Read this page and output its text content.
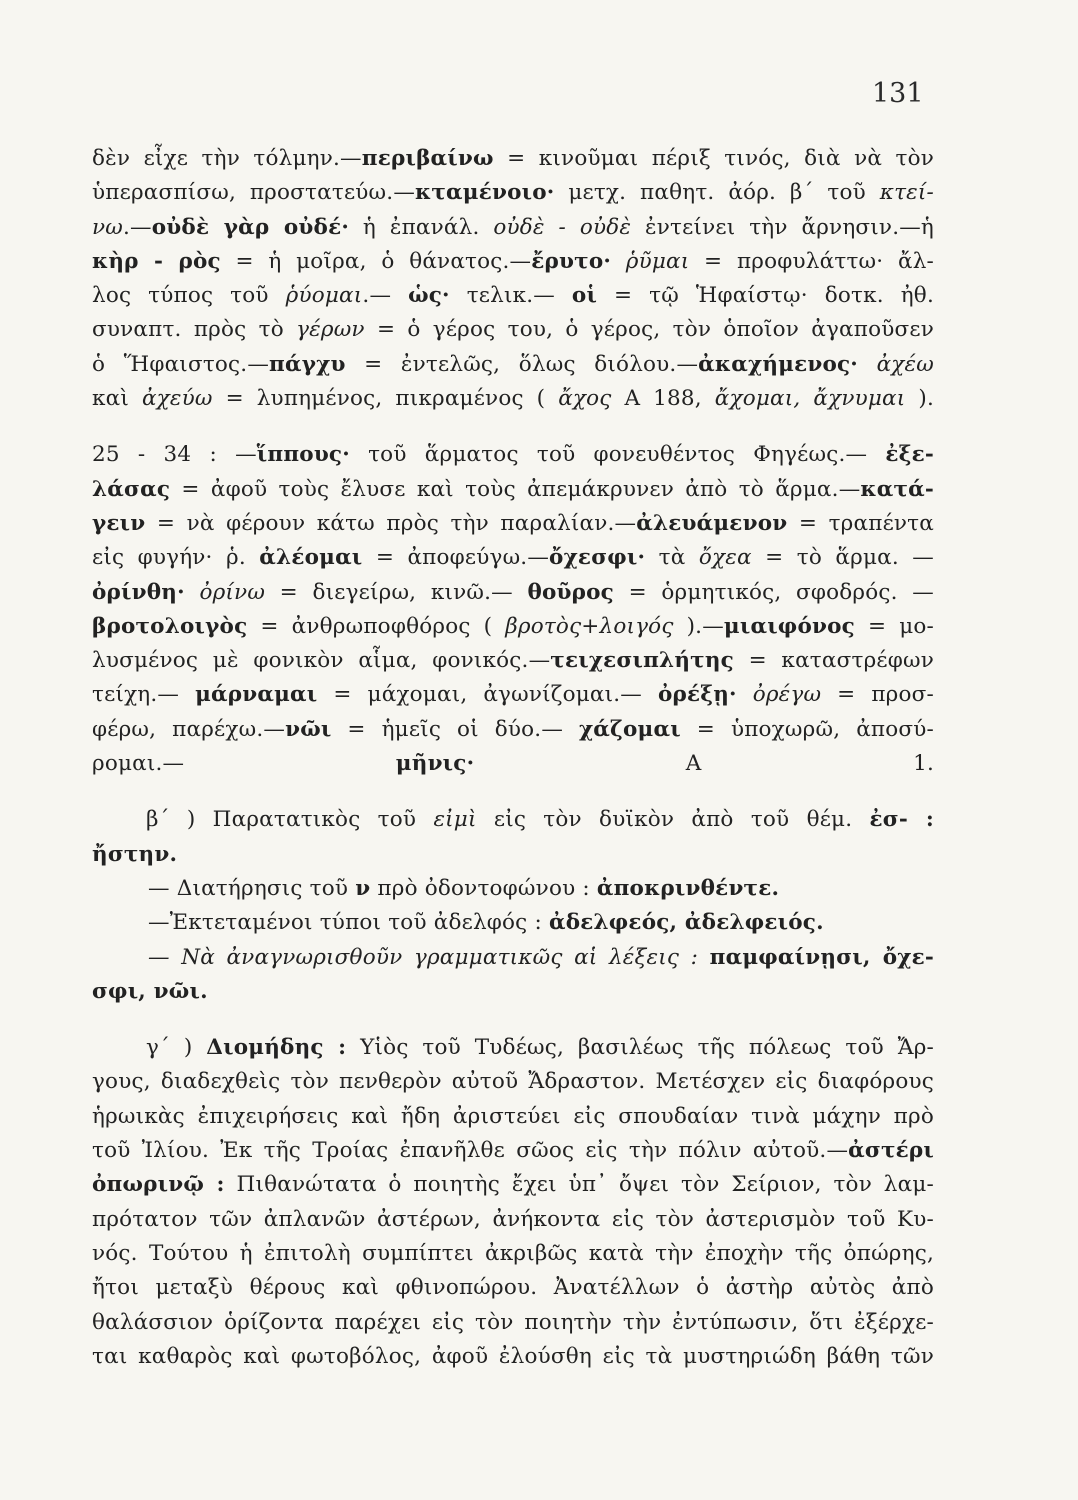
131
δὲν εἶχε τὴν τόλμην.—περιβαίνω = κινοῦμαι πέριξ τινός, διὰ νὰ τὸν
ὑπερασπίσω, προστατεύω.—κταμένοιο· μετχ. παθητ. ἀόρ. β΄ τοῦ κτεί-
νω.—οὐδὲ γὰρ οὐδέ· ἡ ἐπανάλ. οὐδὲ - οὐδὲ ἐντείνει τὴν ἄρνησιν.—ἡ
κὴρ - ρὸς = ἡ μοῖρα, ὁ θάνατος.—ἔρυτο· ῥῦμαι = προφυλάττω· ἄλ-
λος τύπος τοῦ ῥύομαι.— ὡς· τελικ.— οἱ = τῷ Ἡφαίστῳ· δοτκ. ἠθ.
συναπτ. πρὸς τὸ γέρων = ὁ γέρος του, ὁ γέρος, τὸν ὁποῖον ἀγαποῦσεν
ὁ Ἥφαιστος.—πάγχυ = ἐντελῶς, ὅλως διόλου.—ἀκαχήμενος· ἀχέω
καὶ ἀχεύω = λυπημένος, πικραμένος ( ἄχος Α 188, ἄχομαι, ἄχνυμαι ).
25 - 34 : —ἵππους· τοῦ ἅρματος τοῦ φονευθέντος Φηγέως.— ἐξε-
λάσας = ἀφοῦ τοὺς ἔλυσε καὶ τοὺς ἀπεμάκρυνεν ἀπὸ τὸ ἅρμα.—κατά-
γειν = νὰ φέρουν κάτω πρὸς τὴν παραλίαν.—ἀλευάμενον = τραπέντα
εἰς φυγήν· ῥ. ἀλέομαι = ἀποφεύγω.—ὄχεσφι· τὰ ὄχεα = τὸ ἅρμα. —
ὀρίνθη· ὀρίνω = διεγείρω, κινῶ.— θοῦρος = ὁρμητικός, σφοδρός. —
βροτολοιγὸς = ἀνθρωποφθόρος ( βροτὸς+λοιγός ).—μιαιφόνος = μο-
λυσμένος μὲ φονικὸν αἷμα, φονικός.—τειχεσιπλήτης = καταστρέφων
τείχη.— μάρναμαι = μάχομαι, ἀγωνίζομαι.— ὀρέξῃ· ὀρέγω = προσ-
φέρω, παρέχω.—νῶι = ἡμεῖς οἱ δύο.— χάζομαι = ὑποχωρῶ, ἀποσύ-
ρομαι.— μῆνις· Α 1.
β΄ ) Παρατατικὸς τοῦ εἰμὶ εἰς τὸν δυϊκὸν ἀπὸ τοῦ θέμ. ἐσ- :
ἤστην.
— Διατήρησις τοῦ ν πρὸ ὀδοντοφώνου : ἀποκρινθέντε.
—Ἐκτεταμένοι τύποι τοῦ ἀδελφός : ἀδελφεός, ἀδελφειός.
— Νὰ ἀναγνωρισθοῦν γραμματικῶς αἱ λέξεις : παμφαίνῃσι, ὄχε-
σφι, νῶι.
γ΄ ) Διομήδης : Υἱὸς τοῦ Τυδέως, βασιλέως τῆς πόλεως τοῦ Ἄρ-
γους, διαδεχθεὶς τὸν πενθερὸν αὐτοῦ Ἄδραστον. Μετέσχεν εἰς διαφόρους
ἡρωικὰς ἐπιχειρήσεις καὶ ἤδη ἀριστεύει εἰς σπουδαίαν τινὰ μάχην πρὸ
τοῦ Ἰλίου. Ἐκ τῆς Τροίας ἐπανῆλθε σῶος εἰς τὴν πόλιν αὐτοῦ.—ἀστέρι
ὀπωρινῷ : Πιθανώτατα ὁ ποιητὴς ἔχει ὑπ᾿ ὄψει τὸν Σείριον, τὸν λαμ-
πρότατον τῶν ἀπλανῶν ἀστέρων, ἀνήκοντα εἰς τὸν ἀστερισμὸν τοῦ Κυ-
νός. Τούτου ἡ ἐπιτολὴ συμπίπτει ἀκριβῶς κατὰ τὴν ἐποχὴν τῆς ὀπώρης,
ἤτοι μεταξὺ θέρους καὶ φθινοπώρου. Ἀνατέλλων ὁ ἀστὴρ αὐτὸς ἀπὸ
θαλάσσιον ὁρίζοντα παρέχει εἰς τὸν ποιητὴν τὴν ἐντύπωσιν, ὅτι ἐξέρχε-
ται καθαρὸς καὶ φωτοβόλος, ἀφοῦ ἐλούσθη εἰς τὰ μυστηριώδη βάθη τῶν
